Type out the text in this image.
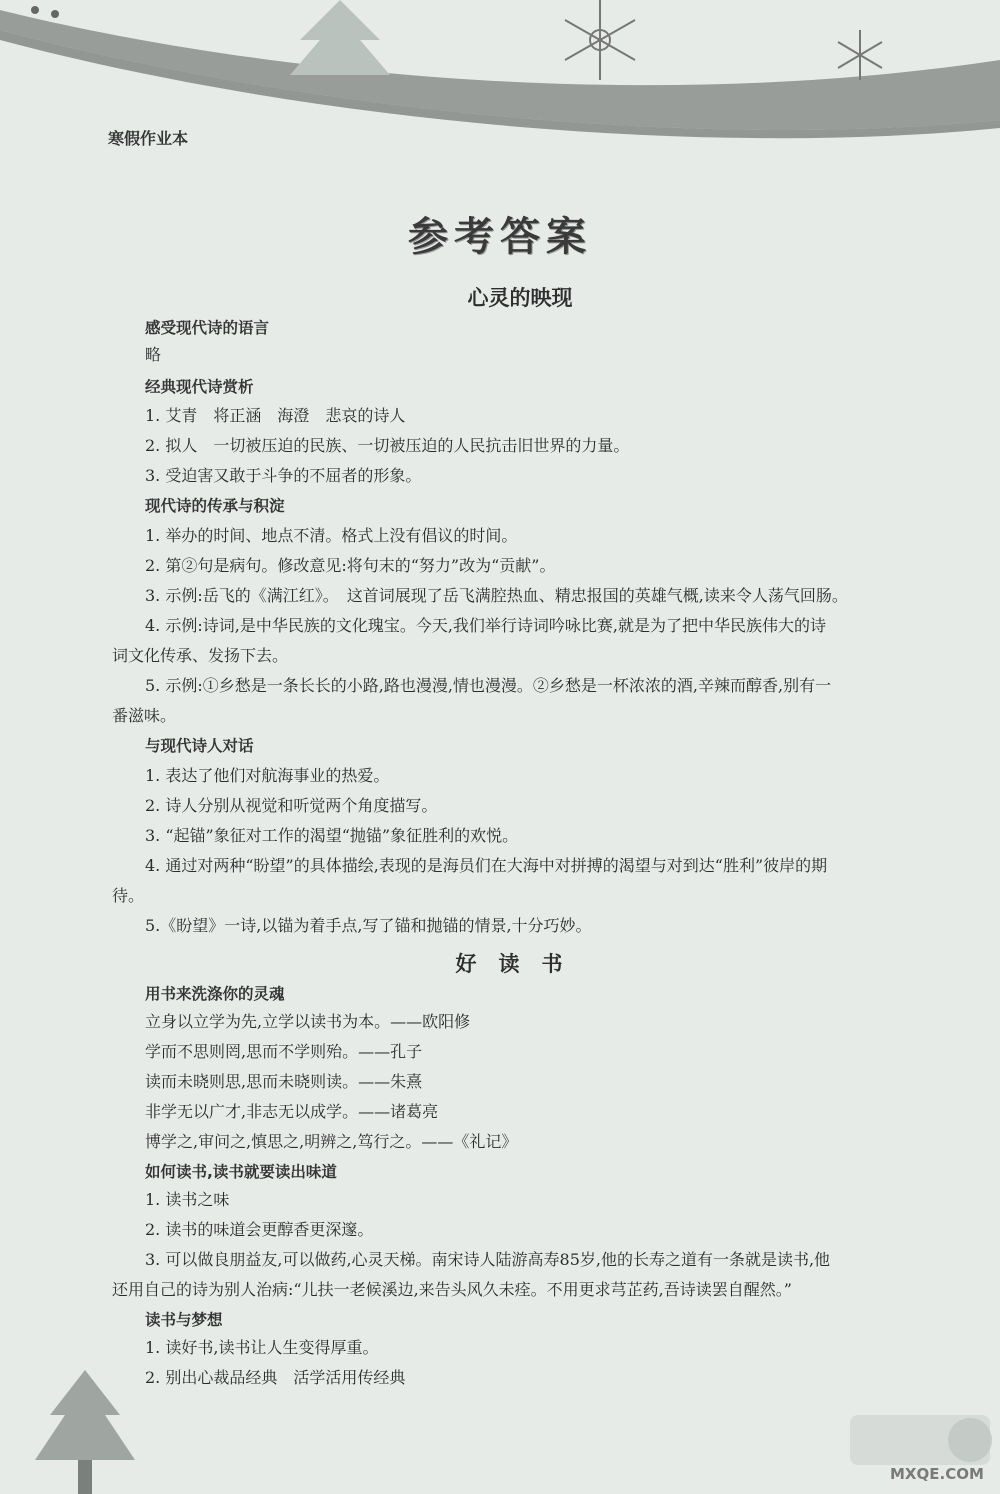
寒假作业本
参考答案
心灵的映现
感受现代诗的语言
略
经典现代诗赏析
1. 艾青　将正涵　海澄　悲哀的诗人
2. 拟人　一切被压迫的民族、一切被压迫的人民抗击旧世界的力量。
3. 受迫害又敢于斗争的不屈者的形象。
现代诗的传承与积淀
1. 举办的时间、地点不清。格式上没有倡议的时间。
2. 第②句是病句。修改意见:将句末的“努力”改为“贡献”。
3. 示例:岳飞的《满江红》。　这首词展现了岳飞满腔热血、精忠报国的英雄气概,读来令人荡气回肠。
4. 示例:诗词,是中华民族的文化瑰宝。今天,我们举行诗词吟咏比赛,就是为了把中华民族伟大的诗
词文化传承、发扬下去。
5. 示例:①乡愁是一条长长的小路,路也漫漫,情也漫漫。②乡愁是一杯浓浓的酒,辛辣而醇香,别有一
番滋味。
与现代诗人对话
1. 表达了他们对航海事业的热爱。
2. 诗人分别从视觉和听觉两个角度描写。
3. “起锚”象征对工作的渴望“抛锚”象征胜利的欢悦。
4. 通过对两种“盼望”的具体描绘,表现的是海员们在大海中对拼搏的渴望与对到达“胜利”彼岸的期
待。
5.《盼望》一诗,以锚为着手点,写了锚和抛锚的情景,十分巧妙。
好读书
用书来洗涤你的灵魂
立身以立学为先,立学以读书为本。——欧阳修
学而不思则罔,思而不学则殆。——孔子
读而未晓则思,思而未晓则读。——朱熹
非学无以广才,非志无以成学。——诸葛亮
博学之,审问之,慎思之,明辨之,笃行之。——《礼记》
如何读书,读书就要读出味道
1. 读书之味
2. 读书的味道会更醇香更深邃。
3. 可以做良朋益友,可以做药,心灵天梯。南宋诗人陆游高寿85岁,他的长寿之道有一条就是读书,他
还用自己的诗为别人治病:“儿扶一老候溪边,来告头风久未痊。不用更求芎芷药,吾诗读罢自醒然。”
读书与梦想
1. 读好书,读书让人生变得厚重。
2. 别出心裁品经典　活学活用传经典
MXQE.COM
